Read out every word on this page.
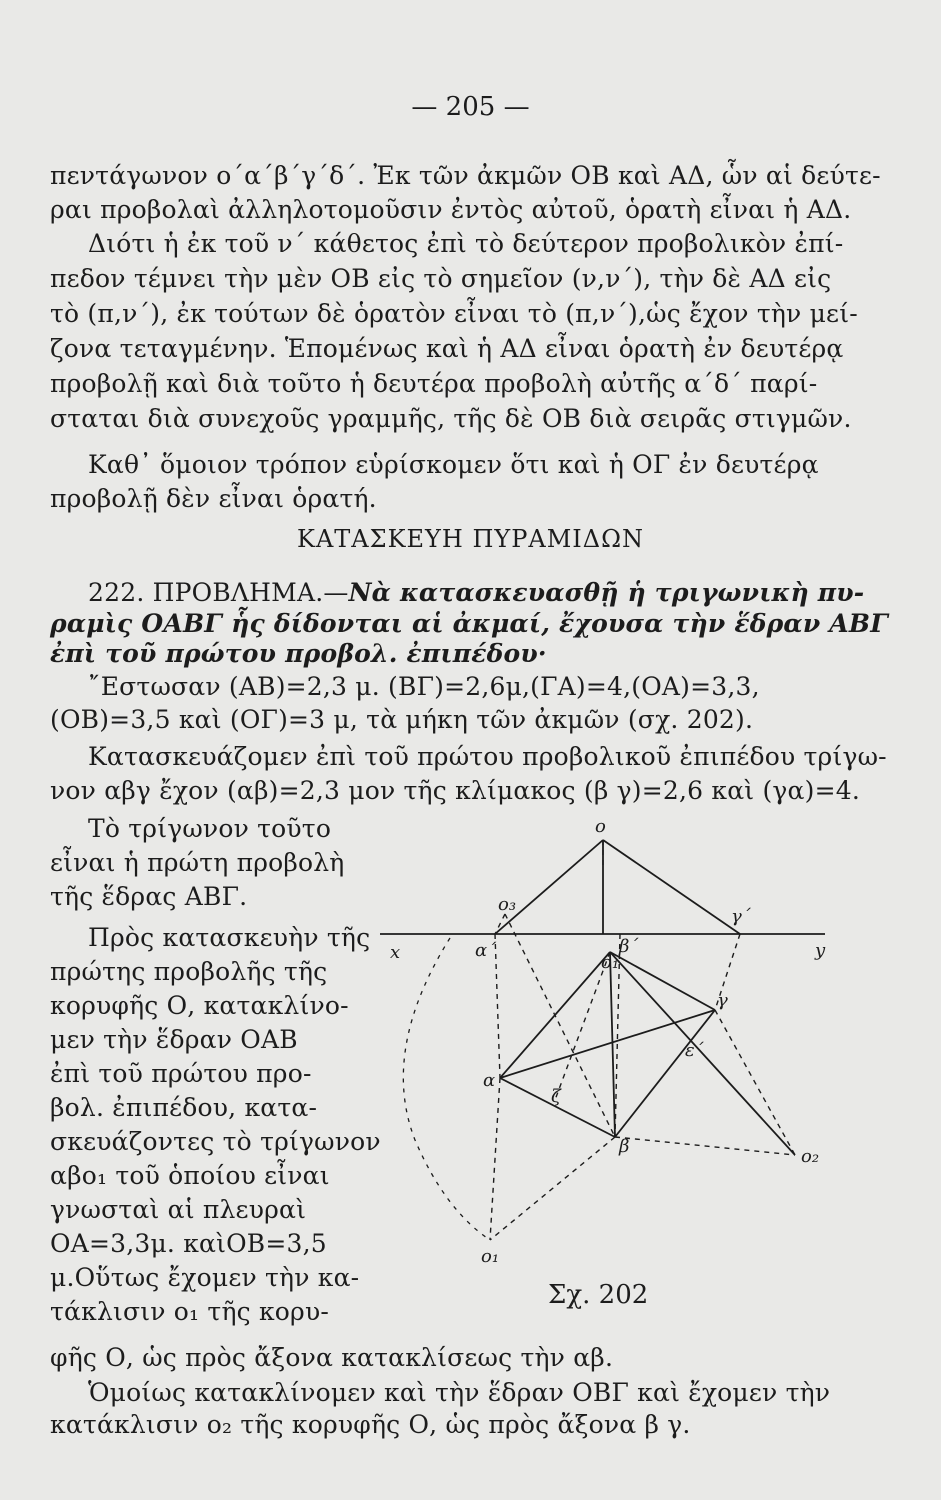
— 205 —
πεντάγωνον ο΄α΄β΄γ΄δ΄. Ἐκ τῶν ἀκμῶν ΟΒ καὶ ΑΔ, ὧν αἱ δεύτε-
ραι προβολαὶ ἀλληλοτομοῦσιν ἐντὸς αὐτοῦ, ὁρατὴ εἶναι ἡ ΑΔ.
Διότι ἡ ἐκ τοῦ ν΄ κάθετος ἐπὶ τὸ δεύτερον προβολικὸν ἐπί-
πεδον τέμνει τὴν μὲν ΟΒ εἰς τὸ σημεῖον (ν,ν΄), τὴν δὲ ΑΔ εἰς
τὸ (π,ν΄), ἐκ τούτων δὲ ὁρατὸν εἶναι τὸ (π,ν΄),ὡς ἔχον τὴν μεί-
ζονα τεταγμένην. Ἑπομένως καὶ ἡ ΑΔ εἶναι ὁρατὴ ἐν δευτέρᾳ
προβολῇ καὶ διὰ τοῦτο ἡ δευτέρα προβολὴ αὐτῆς α΄δ΄ παρί-
σταται διὰ συνεχοῦς γραμμῆς, τῆς δὲ ΟΒ διὰ σειρᾶς στιγμῶν.
Καθ᾽ ὅμοιον τρόπον εὑρίσκομεν ὅτι καὶ ἡ ΟΓ ἐν δευτέρᾳ
προβολῇ δὲν εἶναι ὁρατή.
ΚΑΤΑΣΚΕΥΗ ΠΥΡΑΜΙΔΩΝ
222. ΠΡΟΒΛΗΜΑ.—Νὰ κατασκευασθῇ ἡ τριγωνικὴ πυ-
ραμὶς ΟΑΒΓ ἧς δίδονται αἱ ἀκμαί, ἔχουσα τὴν ἕδραν ΑΒΓ
ἐπὶ τοῦ πρώτου προβολ. ἐπιπέδου·
῎Εστωσαν (ΑΒ)=2,3 μ. (ΒΓ)=2,6μ,(ΓΑ)=4,(ΟΑ)=3,3,
(ΟΒ)=3,5 καὶ (ΟΓ)=3 μ, τὰ μήκη τῶν ἀκμῶν (σχ. 202).
Κατασκευάζομεν ἐπὶ τοῦ πρώτου προβολικοῦ ἐπιπέδου τρίγω-
νον αβγ ἔχον (αβ)=2,3 μον τῆς κλίμακος (β γ)=2,6 καὶ (γα)=4.
Τὸ τρίγωνον τοῦτο
εἶναι ἡ πρώτη προβολὴ
τῆς ἕδρας ΑΒΓ.
Πρὸς κατασκευὴν τῆς
πρώτης προβολῆς τῆς
κορυφῆς Ο, κατακλίνο-
μεν τὴν ἕδραν ΟΑΒ
ἐπὶ τοῦ πρώτου προ-
βολ. ἐπιπέδου, κατα-
σκευάζοντες τὸ τρίγωνον
αβο₁ τοῦ ὁποίου εἶναι
γνωσταὶ αἱ πλευραὶ
ΟΑ=3,3μ. καὶΟΒ=3,5
μ.Οὕτως ἔχομεν τὴν κα-
τάκλισιν ο₁ τῆς κορυ-
φῆς Ο, ὡς πρὸς ἄξονα κατακλίσεως τὴν αβ.
Ὁμοίως κατακλίνομεν καὶ τὴν ἕδραν ΟΒΓ καὶ ἔχομεν τὴν
κατάκλισιν ο₂ τῆς κορυφῆς Ο, ὡς πρὸς ἄξονα β γ.
o
o₃
γ΄
x	y
α΄	β΄
o₁
γ
ε΄
α
ζ
β	o₂
o₁
Σχ. 202
